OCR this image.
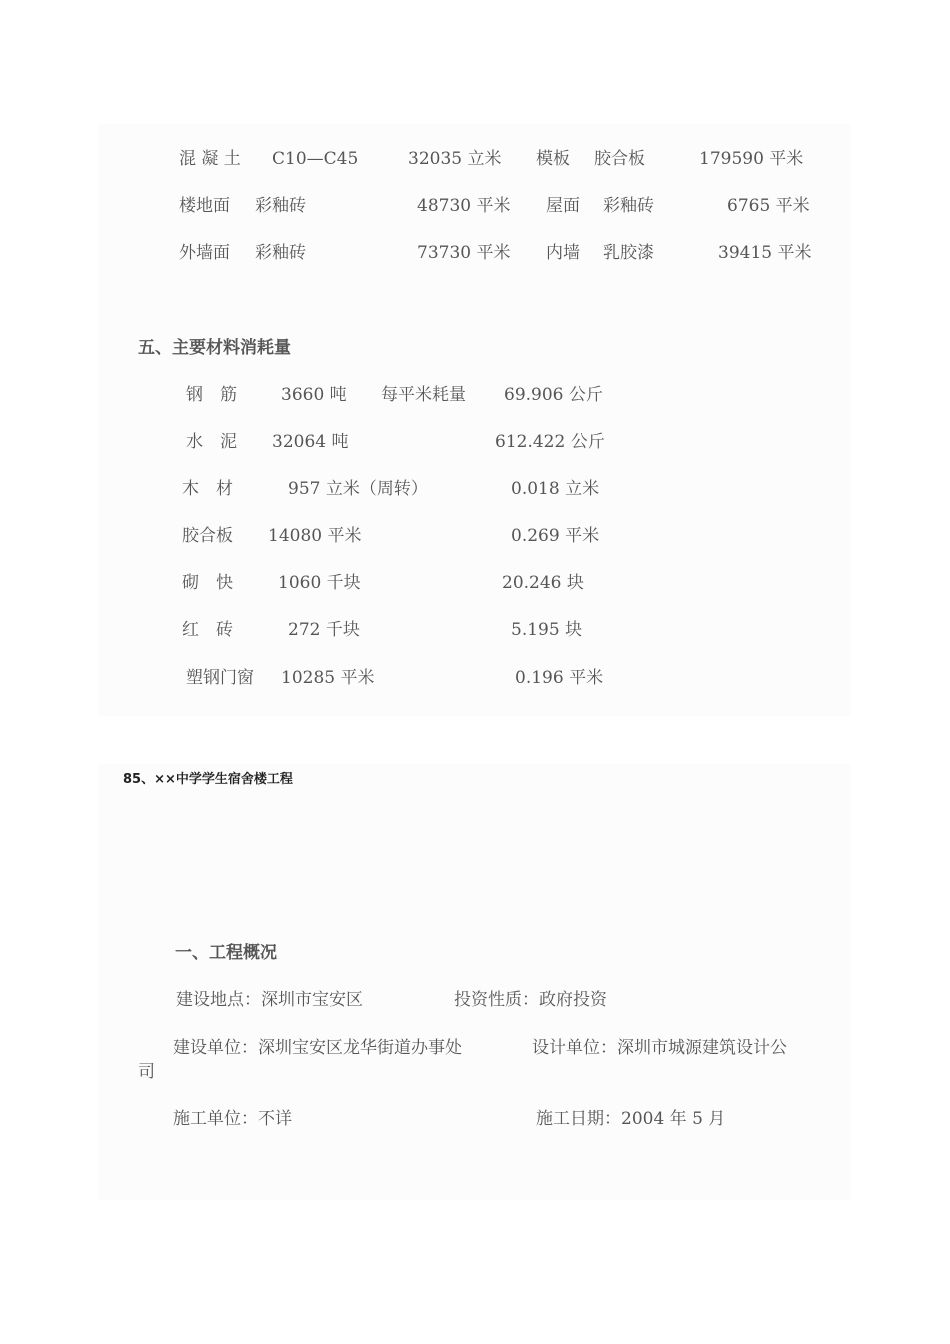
混 凝 土 C10—C45	32035 立米 模板 胶合板	179590 平米
楼地面 彩釉砖	48730 平米 屋面 彩釉砖	6765 平米
外墙面 彩釉砖	73730 平米 内墙 乳胶漆	39415 平米
五、主要材料消耗量
钢　筋	3660 吨 每平米耗量 69.906 公斤
水　泥 32064 吨	612.422 公斤
木　材	957 立米（周转）	0.018 立米
胶合板 14080 平米	0.269 平米
砌　快	1060 千块	20.246 块
红　砖	272 千块	5.195 块
塑钢门窗 10285 平米	0.196 平米
85、××中学学生宿舍楼工程
一、工程概况
建设地点：深圳市宝安区	投资性质：政府投资
建设单位：深圳宝安区龙华街道办事处	设计单位：深圳市城源建筑设计公
司
施工单位：不详	施工日期：2004 年 5 月
